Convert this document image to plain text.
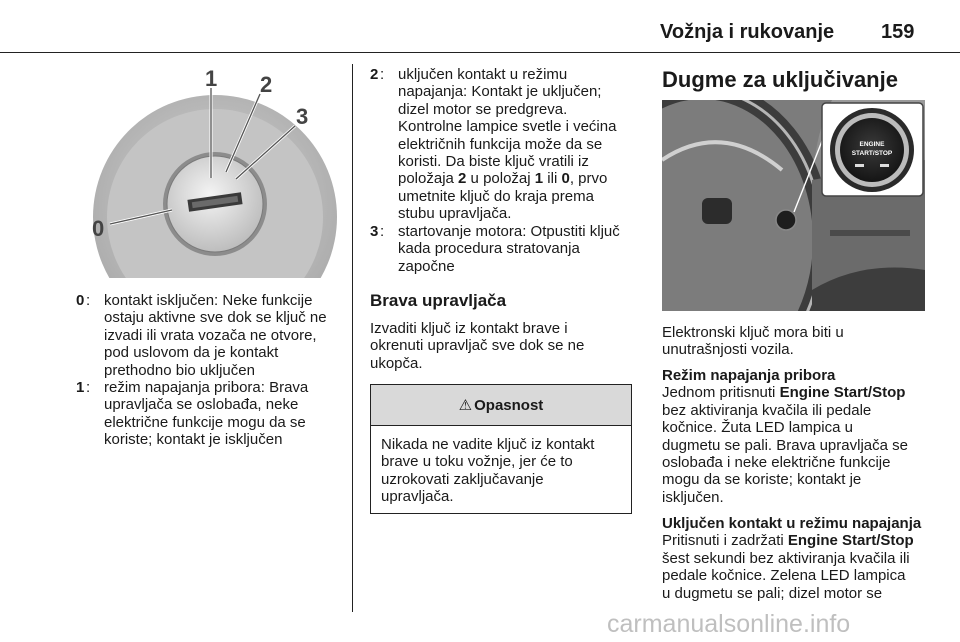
Vožnja i rukovanje 159
1 2
3
0
0 : kontakt isključen: Neke funkcije
ostaju aktivne sve dok se ključ ne
izvadi ili vrata vozača ne otvore,
pod uslovom da je kontakt
prethodno bio uključen
1 : režim napajanja pribora: Brava
upravljača se oslobađa, neke
električne funkcije mogu da se
koriste; kontakt je isključen
2 : uključen kontakt u režimu
napajanja: Kontakt je uključen;
dizel motor se predgreva.
Kontrolne lampice svetle i većina
električnih funkcija može da se
koristi. Da biste ključ vratili iz
položaja 2 u položaj 1 ili 0, prvo
umetnite ključ do kraja prema
stubu upravljača.
3 : startovanje motora: Otpustiti ključ
kada procedura stratovanja
započne
Brava upravljača
Izvaditi ključ iz kontakt brave i
okrenuti upravljač sve dok se ne
ukopča.
⚠ Opasnost
Nikada ne vadite ključ iz kontakt
brave u toku vožnje, jer će to
uzrokovati zaključavanje
upravljača.
Dugme za uključivanje
ENGINE
START/STOP
Elektronski ključ mora biti u
unutrašnjosti vozila.
Režim napajanja pribora
Jednom pritisnuti Engine Start/Stop
bez aktiviranja kvačila ili pedale
kočnice. Žuta LED lampica u
dugmetu se pali. Brava upravljača se
oslobađa i neke električne funkcije
mogu da se koriste; kontakt je
isključen.
Uključen kontakt u režimu napajanja
Pritisnuti i zadržati Engine Start/Stop
šest sekundi bez aktiviranja kvačila ili
pedale kočnice. Zelena LED lampica
u dugmetu se pali; dizel motor se
carmanualsonline.info
